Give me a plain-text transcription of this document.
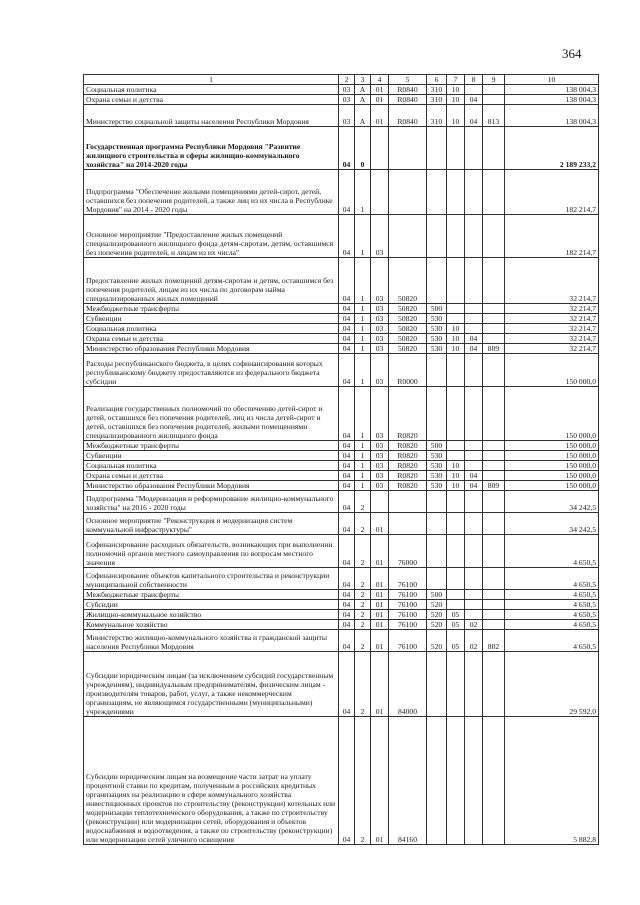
364
1	2	3	4	5	6	7	8	9	10
Социальная политика	03	А	01	R0840	310	10			138 004,3
Охрана семьи и детства	03	А	01	R0840	310	10	04		138 004,3
Министерство социальной защиты населения Республики Мордовия	03	А	01	R0840	310	10	04	813	138 004,3
Государственная программа Республики Мордовия "Развитие жилищного строительства и сферы жилищно-коммунального хозяйства" на 2014-2020 годы	04	0							2 189 233,2
Подпрограмма "Обеспечение жилыми помещениями детей-сирот, детей, оставшихся без попечения родителей, а также лиц из их числа в Республике Мордовия" на 2014 - 2020 годы	04	1							182 214,7
Основное мероприятие "Предоставление жилых помещений специализированного жилищного фонда детям-сиротам, детям, оставшимся без попечения родителей, и лицам из их числа"	04	1	03						182 214,7
Предоставление жилых помещений детям-сиротам и детям, оставшимся без попечения родителей, лицам из их числа по договорам найма специализированных жилых помещений	04	1	03	50820					32 214,7
Межбюджетные трансферты	04	1	03	50820	500				32 214,7
Субвенции	04	1	03	50820	530				32 214,7
Социальная политика	04	1	03	50820	530	10			32 214,7
Охрана семьи и детства	04	1	03	50820	530	10	04		32 214,7
Министерство образования Республики Мордовия	04	1	03	50820	530	10	04	809	32 214,7
Расходы республиканского бюджета, в целях софинансирования которых республиканскому бюджету предоставляются из федерального бюджета субсидии	04	1	03	R0000					150 000,0
Реализация государственных полномочий по обеспечению детей-сирот и детей, оставшихся без попечения родителей, лиц из числа детей-сирот и детей, оставшихся без попечения родителей, жилыми помещениями специализированного жилищного фонда	04	1	03	R0820					150 000,0
Межбюджетные трансферты	04	1	03	R0820	500				150 000,0
Субвенции	04	1	03	R0820	530				150 000,0
Социальная политика	04	1	03	R0820	530	10			150 000,0
Охрана семьи и детства	04	1	03	R0820	530	10	04		150 000,0
Министерство образования Республики Мордовия	04	1	03	R0820	530	10	04	809	150 000,0
Подпрограмма "Модернизация и реформирование жилищно-коммунального хозяйства" на 2016 - 2020 годы	04	2							34 242,5
Основное мероприятие "Реконструкция и модернизация систем коммунальной инфраструктуры"	04	2	01						34 242,5
Софинансирование расходных обязательств, возникающих при выполнении полномочий органов местного самоуправления по вопросам местного значения	04	2	01	76000					4 650,5
Софинансирование объектов капитального строительства и реконструкции муниципальной собственности	04	2	01	76100					4 650,5
Межбюджетные трансферты	04	2	01	76100	500				4 650,5
Субсидии	04	2	01	76100	520				4 650,5
Жилищно-коммунальное хозяйство	04	2	01	76100	520	05			4 650,5
Коммунальное хозяйство	04	2	01	76100	520	05	02		4 650,5
Министерство жилищно-коммунального хозяйства и гражданской защиты населения Республики Мордовия	04	2	01	76100	520	05	02	802	4 650,5
Субсидии юридическим лицам (за исключением субсидий государственным учреждениям), индивидуальным предпринимателям, физическим лицам - производителям товаров, работ, услуг, а также некоммерческим организациям, не являющимся государственными (муниципальными) учреждениями	04	2	01	84000					29 592,0
Субсидии юридическим лицам на возмещение части затрат на уплату процентной ставки по кредитам, полученным в российских кредитных организациях на реализацию в сфере коммунального хозяйства инвестиционных проектов по строительству (реконструкции) котельных или модернизации теплотехнического оборудования, а также по строительству (реконструкции) или модернизации сетей, оборудования и объектов водоснабжения и водоотведения, а также по строительству (реконструкции) или модернизации сетей уличного освещения	04	2	01	84160					5 882,8
